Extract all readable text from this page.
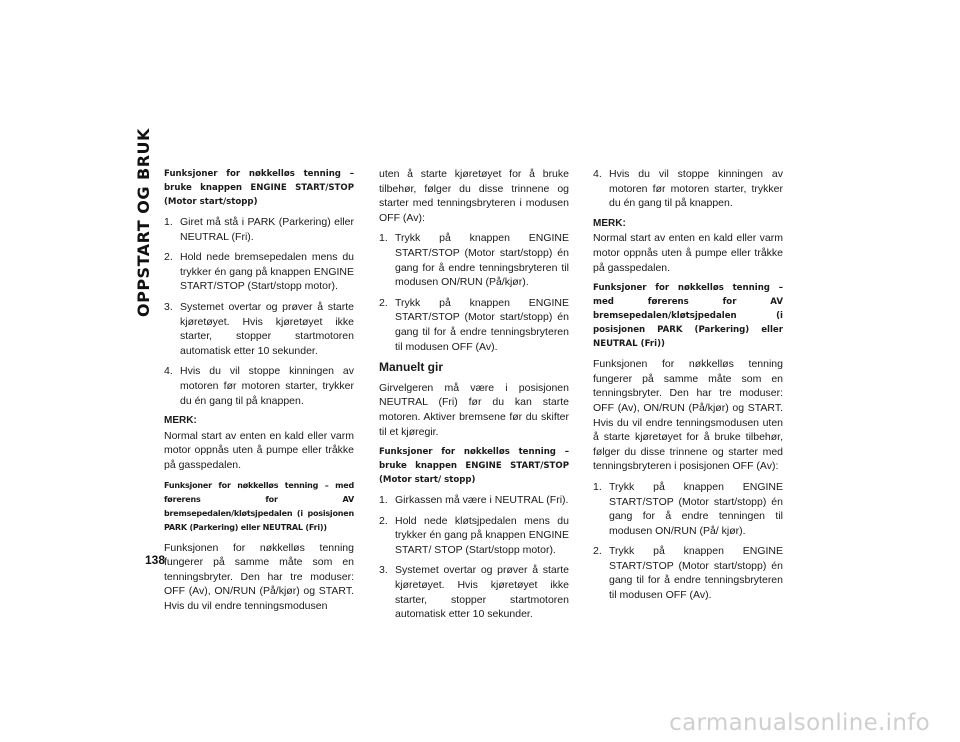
OPPSTART OG BRUK
138
Funksjoner for nøkkelløs tenning – bruke knappen ENGINE START/STOP (Motor start/stopp)
1. Giret må stå i PARK (Parkering) eller NEUTRAL (Fri).
2. Hold nede bremsepedalen mens du trykker én gang på knappen ENGINE START/STOP (Start/stopp motor).
3. Systemet overtar og prøver å starte kjøretøyet. Hvis kjøretøyet ikke starter, stopper startmotoren automatisk etter 10 sekunder.
4. Hvis du vil stoppe kinningen av motoren før motoren starter, trykker du én gang til på knappen.

MERK:
Normal start av enten en kald eller varm motor oppnås uten å pumpe eller tråkke på gasspedalen.

Funksjoner for nøkkelløs tenning – med førerens for AV bremsepedalen/kløtsjpedalen (i posisjonen PARK (Parkering) eller NEUTRAL (Fri))

Funksjonen for nøkkelløs tenning fungerer på samme måte som en tenningsbryter. Den har tre moduser: OFF (Av), ON/RUN (På/kjør) og START. Hvis du vil endre tenningsmodusen

uten å starte kjøretøyet for å bruke tilbehør, følger du disse trinnene og starter med tenningsbryteren i modusen OFF (Av):

1. Trykk på knappen ENGINE START/STOP (Motor start/stopp) én gang for å endre tenningsbryteren til modusen ON/RUN (På/kjør).
2. Trykk på knappen ENGINE START/STOP (Motor start/stopp) én gang til for å endre tenningsbryteren til modusen OFF (Av).
Manuelt gir

Girvelgeren må være i posisjonen NEUTRAL (Fri) før du kan starte motoren. Aktiver bremsene før du skifter til et kjøregir.

Funksjoner for nøkkelløs tenning – bruke knappen ENGINE START/STOP (Motor start/ stopp)
1. Girkassen må være i NEUTRAL (Fri).
2. Hold nede kløtsjpedalen mens du trykker én gang på knappen ENGINE START/ STOP (Start/stopp motor).
3. Systemet overtar og prøver å starte kjøretøyet. Hvis kjøretøyet ikke starter, stopper startmotoren automatisk etter 10 sekunder.
4. Hvis du vil stoppe kinningen av motoren før motoren starter, trykker du én gang til på knappen.

MERK:
Normal start av enten en kald eller varm motor oppnås uten å pumpe eller tråkke på gasspedalen.

Funksjoner for nøkkelløs tenning – med førerens for AV bremsepedalen/kløtsjpedalen (i posisjonen PARK (Parkering) eller NEUTRAL (Fri))

Funksjonen for nøkkelløs tenning fungerer på samme måte som en tenningsbryter. Den har tre moduser: OFF (Av), ON/RUN (På/kjør) og START. Hvis du vil endre tenningsmodusen uten å starte kjøretøyet for å bruke tilbehør, følger du disse trinnene og starter med tenningsbryteren i posisjonen OFF (Av):

1. Trykk på knappen ENGINE START/STOP (Motor start/stopp) én gang for å endre tenningen til modusen ON/RUN (På/ kjør).
2. Trykk på knappen ENGINE START/STOP (Motor start/stopp) én gang til for å endre tenningsbryteren til modusen OFF (Av).
carmanualsonline.info
